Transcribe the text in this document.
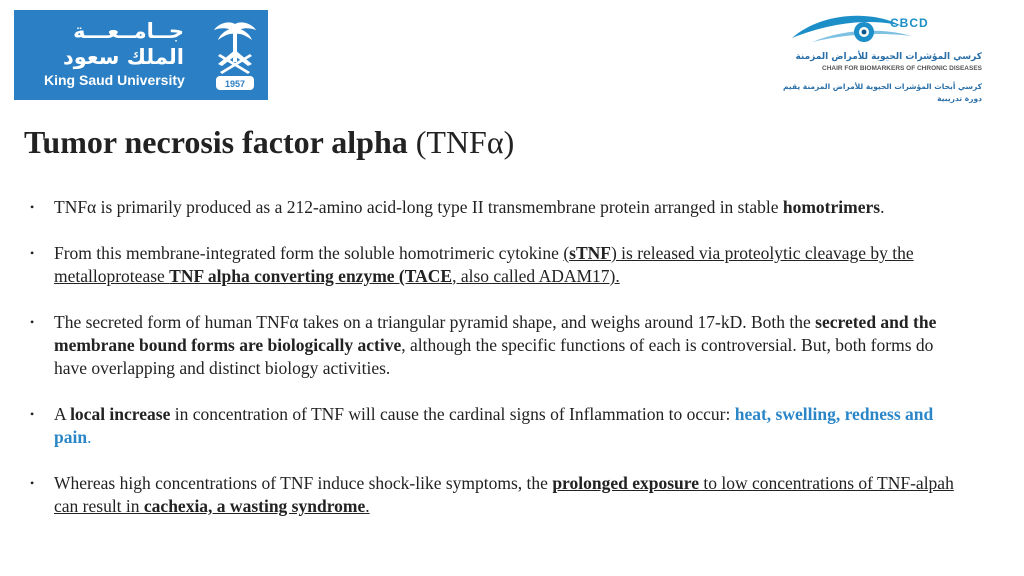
جــامــعـــة
الملك سعود
King Saud University	1957
CBCD
كرسي المؤشرات الحيوية للأمراض المزمنة
CHAIR FOR BIOMARKERS OF CHRONIC DISEASES
كرسي أبحاث المؤشرات الحيوية للأمراض المزمنة يقيم
دورة تدريبية
Tumor necrosis factor alpha (TNFα)
• TNFα is primarily produced as a 212-amino acid-long type II transmembrane protein arranged in stable homotrimers.
• From this membrane-integrated form the soluble homotrimeric cytokine (sTNF) is released via proteolytic cleavage by the metalloprotease TNF alpha converting enzyme (TACE, also called ADAM17).
• The secreted form of human TNFα takes on a triangular pyramid shape, and weighs around 17-kD. Both the secreted and the membrane bound forms are biologically active, although the specific functions of each is controversial. But, both forms do have overlapping and distinct biology activities.
• A local increase in concentration of TNF will cause the cardinal signs of Inflammation to occur: heat, swelling, redness and pain.
• Whereas high concentrations of TNF induce shock-like symptoms, the prolonged exposure to low concentrations of TNF-alpah can result in cachexia, a wasting syndrome.
